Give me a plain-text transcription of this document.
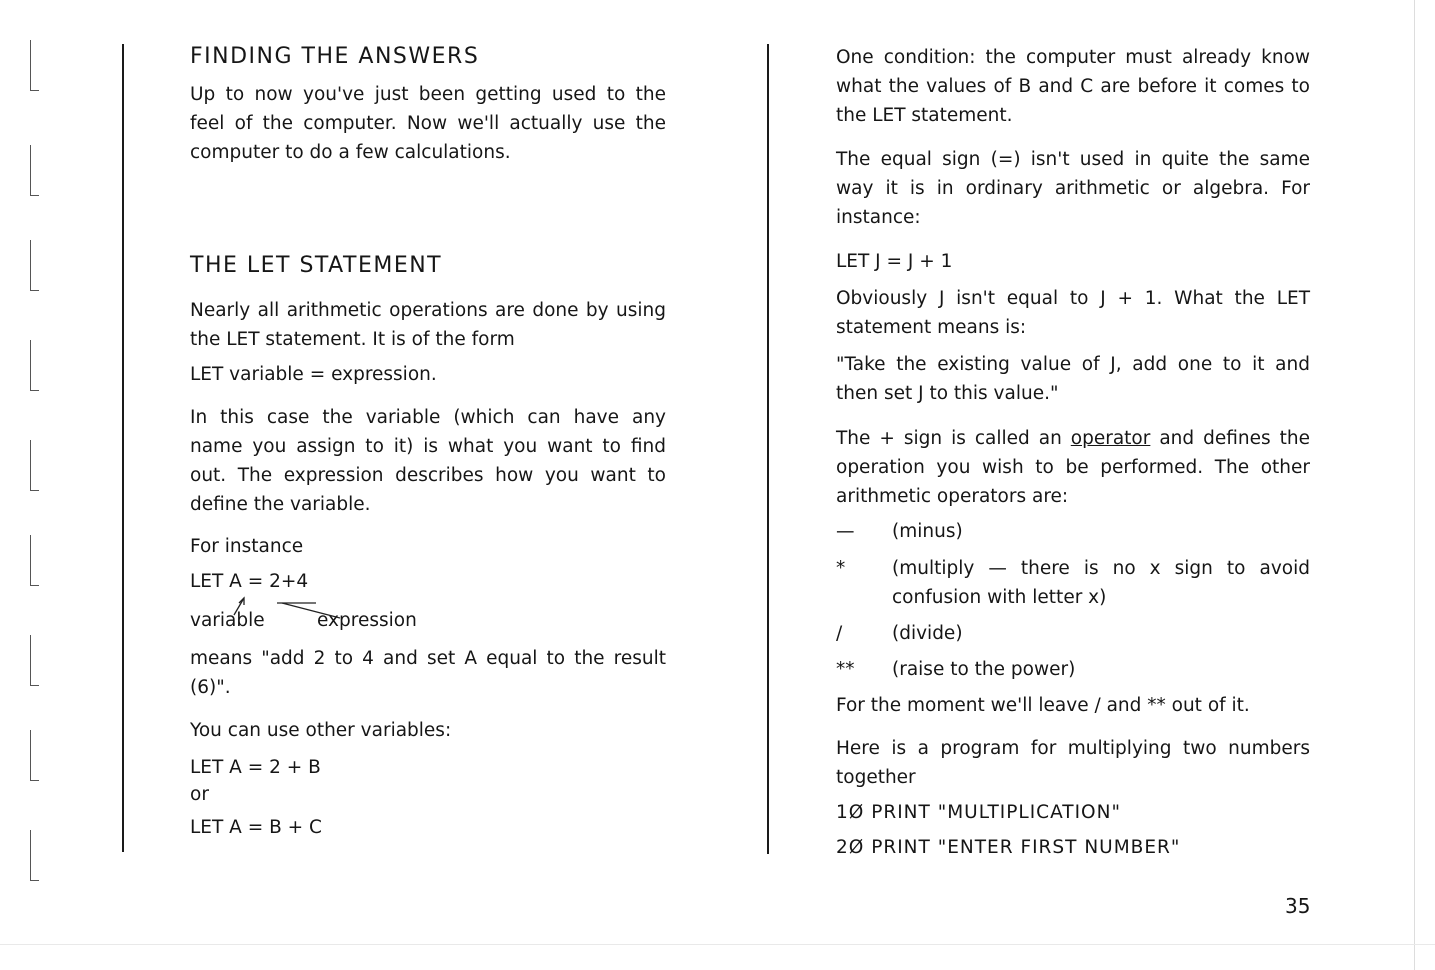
FINDING THE ANSWERS

Up to now you've just been getting used to the feel of the computer. Now we'll actually use the computer to do a few calculations.

THE LET STATEMENT

Nearly all arithmetic operations are done by using the LET statement. It is of the form

LET variable = expression.

In this case the variable (which can have any name you assign to it) is what you want to find out. The expression describes how you want to define the variable.

For instance

LET A = 2+4

variable	expression

means "add 2 to 4 and set A equal to the result (6)".

You can use other variables:

LET A = 2 + B

or

LET A = B + C

One condition: the computer must already know what the values of B and C are before it comes to the LET statement.

The equal sign (=) isn't used in quite the same way it is in ordinary arithmetic or algebra. For instance:

LET J = J + 1

Obviously J isn't equal to J + 1. What the LET statement means is:

"Take the existing value of J, add one to it and then set J to this value."

The + sign is called an operator and defines the operation you wish to be performed. The other arithmetic operators are:

—	(minus)
*	(multiply — there is no x sign to avoid confusion with letter x)
/	(divide)
**	(raise to the power)

For the moment we'll leave / and ** out of it.

Here is a program for multiplying two numbers together

1Ø PRINT "MULTIPLICATION"

2Ø PRINT "ENTER FIRST NUMBER"

35
